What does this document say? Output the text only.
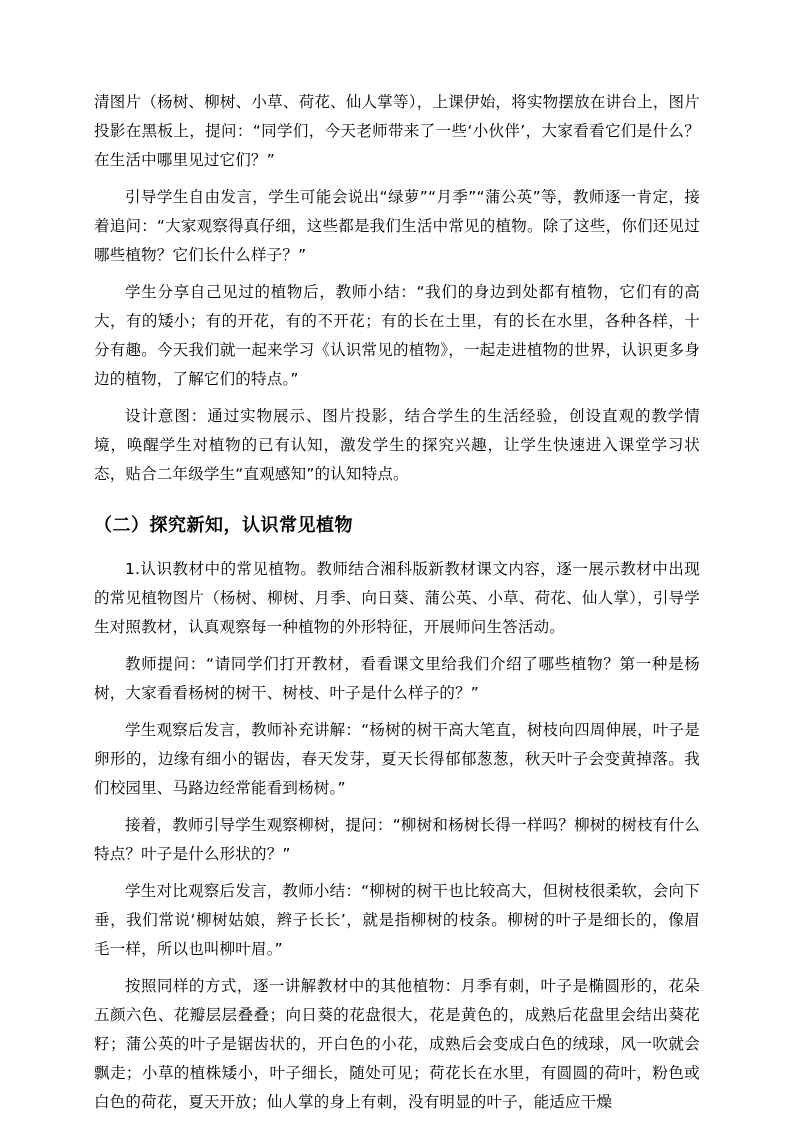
清图片（杨树、柳树、小草、荷花、仙人掌等），上课伊始，将实物摆放在讲台上，图片投影在黑板上，提问：“同学们，今天老师带来了一些‘小伙伴’，大家看看它们是什么？在生活中哪里见过它们？”

引导学生自由发言，学生可能会说出“绿萝”“月季”“蒲公英”等，教师逐一肯定，接着追问：“大家观察得真仔细，这些都是我们生活中常见的植物。除了这些，你们还见过哪些植物？它们长什么样子？”

学生分享自己见过的植物后，教师小结：“我们的身边到处都有植物，它们有的高大，有的矮小；有的开花，有的不开花；有的长在土里，有的长在水里，各种各样，十分有趣。今天我们就一起来学习《认识常见的植物》，一起走进植物的世界，认识更多身边的植物，了解它们的特点。”

设计意图：通过实物展示、图片投影，结合学生的生活经验，创设直观的教学情境，唤醒学生对植物的已有认知，激发学生的探究兴趣，让学生快速进入课堂学习状态，贴合二年级学生“直观感知”的认知特点。

（二）探究新知，认识常见植物

1.认识教材中的常见植物。教师结合湘科版新教材课文内容，逐一展示教材中出现的常见植物图片（杨树、柳树、月季、向日葵、蒲公英、小草、荷花、仙人掌），引导学生对照教材，认真观察每一种植物的外形特征，开展师问生答活动。

教师提问：“请同学们打开教材，看看课文里给我们介绍了哪些植物？第一种是杨树，大家看看杨树的树干、树枝、叶子是什么样子的？”

学生观察后发言，教师补充讲解：“杨树的树干高大笔直，树枝向四周伸展，叶子是卵形的，边缘有细小的锯齿，春天发芽，夏天长得郁郁葱葱，秋天叶子会变黄掉落。我们校园里、马路边经常能看到杨树。”

接着，教师引导学生观察柳树，提问：“柳树和杨树长得一样吗？柳树的树枝有什么特点？叶子是什么形状的？”

学生对比观察后发言，教师小结：“柳树的树干也比较高大，但树枝很柔软，会向下垂，我们常说‘柳树姑娘，辫子长长’，就是指柳树的枝条。柳树的叶子是细长的，像眉毛一样，所以也叫柳叶眉。”

按照同样的方式，逐一讲解教材中的其他植物：月季有刺，叶子是椭圆形的，花朵五颜六色、花瓣层层叠叠；向日葵的花盘很大，花是黄色的，成熟后花盘里会结出葵花籽；蒲公英的叶子是锯齿状的，开白色的小花，成熟后会变成白色的绒球，风一吹就会飘走；小草的植株矮小，叶子细长，随处可见；荷花长在水里，有圆圆的荷叶，粉色或白色的荷花，夏天开放；仙人掌的身上有刺，没有明显的叶子，能适应干燥
